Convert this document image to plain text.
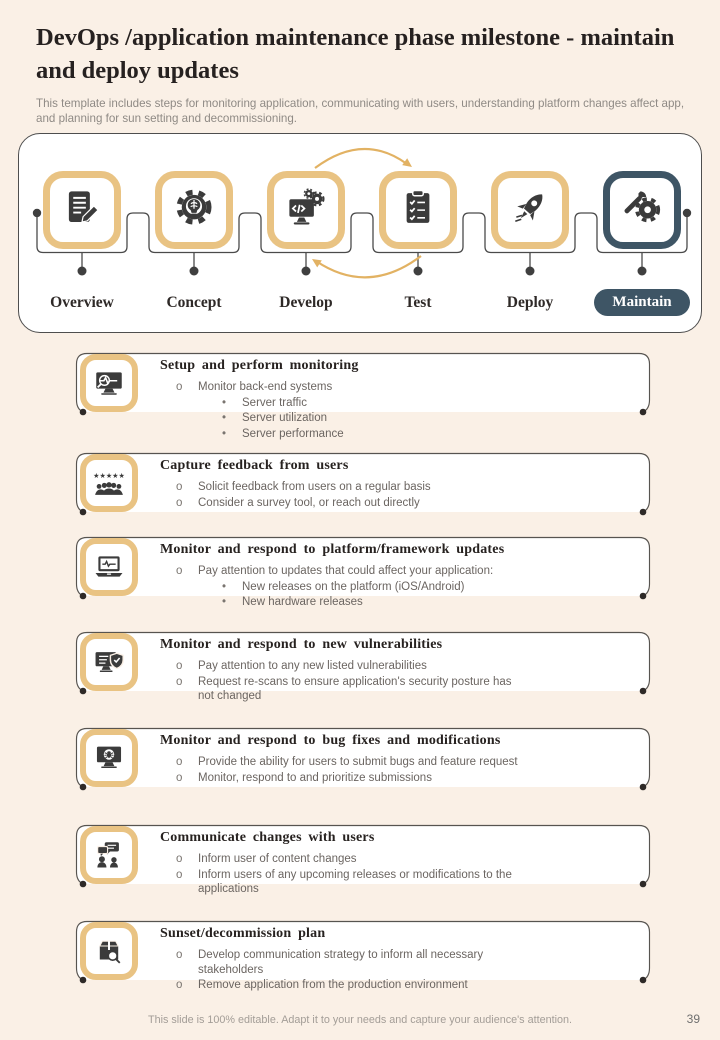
DevOps /application maintenance phase milestone - maintain and deploy updates

This template includes steps for monitoring application, communicating with users, understanding platform changes affect app, and planning for sun setting and decommissioning.

Overview	Concept	Develop	Test	Deploy	Maintain
Setup and perform monitoring
o	Monitor back-end systems
•	Server traffic
•	Server utilization
•	Server performance
★★★★★
Capture feedback from users
o	Solicit feedback from users on a regular basis
o	Consider a survey tool, or reach out directly
Monitor and respond to platform/framework updates
o	Pay attention to updates that could affect your application:
•	New releases on the platform (iOS/Android)
•	New hardware releases
Monitor and respond to new vulnerabilities
o	Pay attention to any new listed vulnerabilities
o	Request re-scans to ensure application's security posture has not changed
Monitor and respond to bug fixes and modifications
o	Provide the ability for users to submit bugs and feature request
o	Monitor, respond to and prioritize submissions
Communicate changes with users
o	Inform user of content changes
o	Inform users of any upcoming releases or modifications to the applications
Sunset/decommission plan
o	Develop communication strategy to inform all necessary stakeholders
o	Remove application from the production environment
This slide is 100% editable. Adapt it to your needs and capture your audience's attention.	39
